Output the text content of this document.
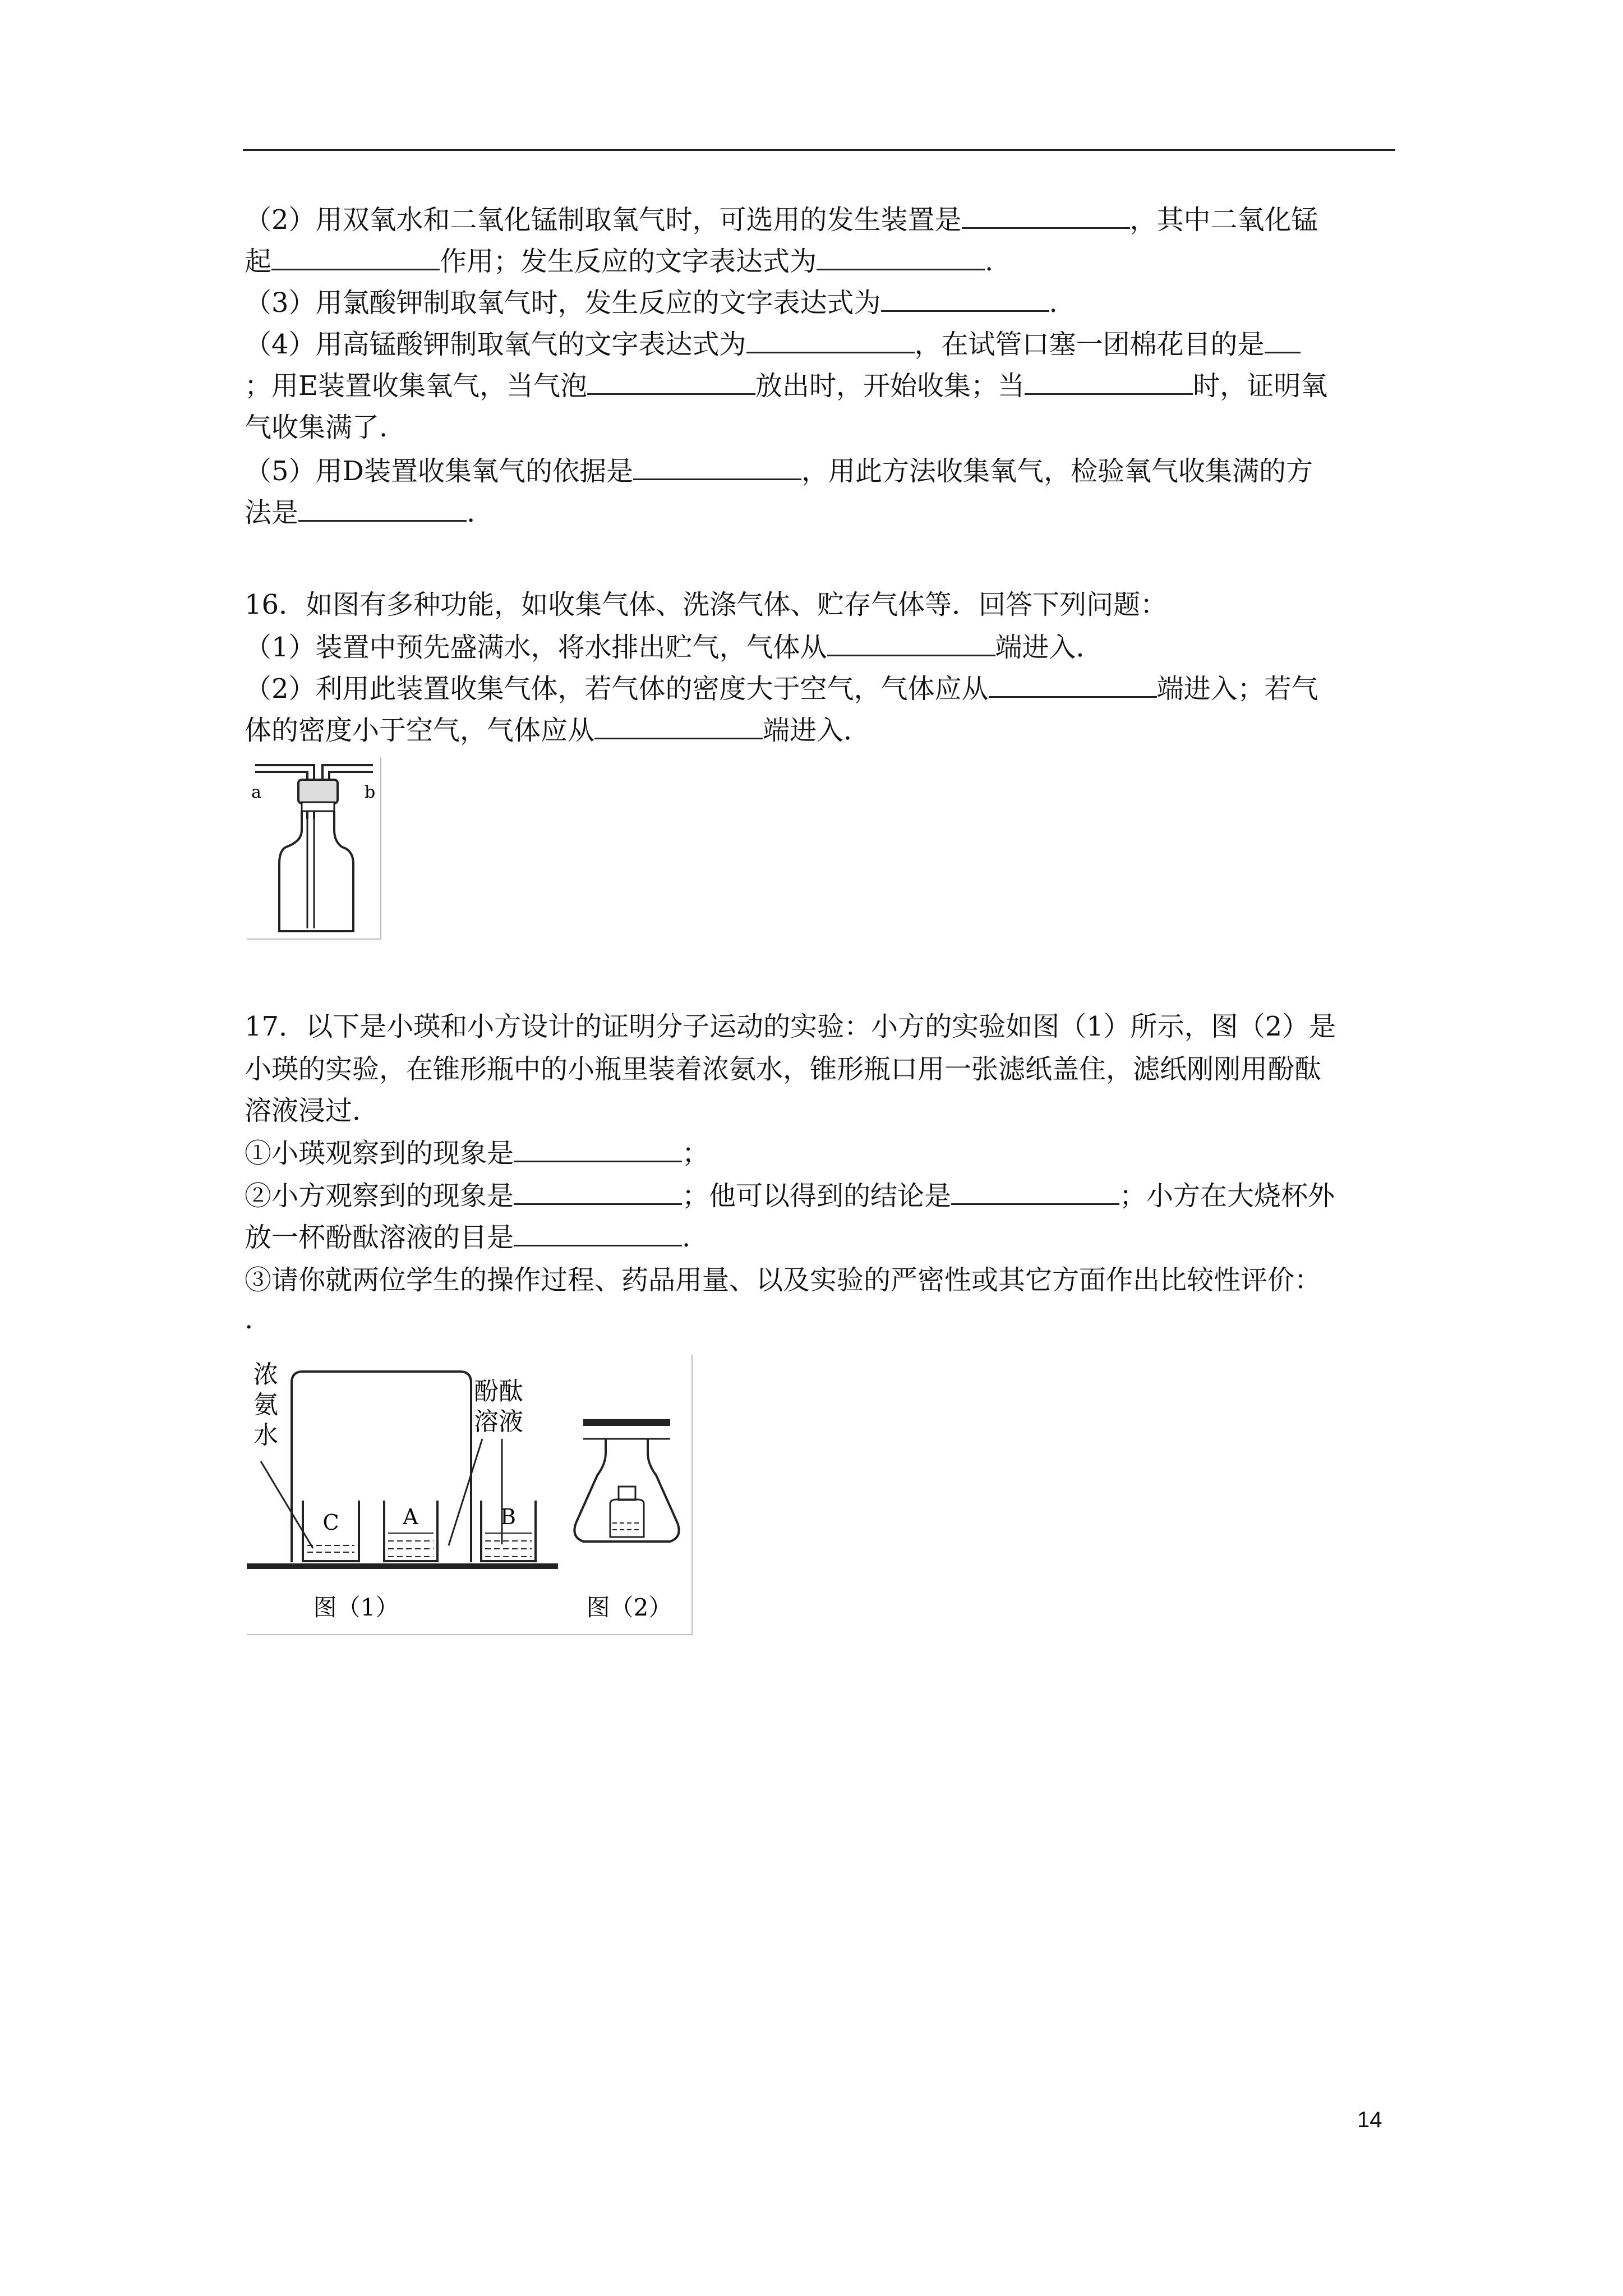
（2）用双氧水和二氧化锰制取氧气时，可选用的发生装置是	，其中二氧化锰
起	作用；发生反应的文字表达式为	.
（3）用氯酸钾制取氧气时，发生反应的文字表达式为	.
（4）用高锰酸钾制取氧气的文字表达式为	，在试管口塞一团棉花目的是
；用E装置收集氧气，当气泡	放出时，开始收集；当	时，证明氧
气收集满了.
（5）用D装置收集氧气的依据是	，用此方法收集氧气，检验氧气收集满的方
法是	.
16．如图有多种功能，如收集气体、洗涤气体、贮存气体等．回答下列问题：
（1）装置中预先盛满水，将水排出贮气，气体从	端进入．
（2）利用此装置收集气体，若气体的密度大于空气，气体应从	端进入；若气
体的密度小于空气，气体应从	端进入．
a	b
17．以下是小瑛和小方设计的证明分子运动的实验：小方的实验如图（1）所示，图（2）是
小瑛的实验，在锥形瓶中的小瓶里装着浓氨水，锥形瓶口用一张滤纸盖住，滤纸刚刚用酚酞
溶液浸过．
①小瑛观察到的现象是	；
②小方观察到的现象是	；他可以得到的结论是	；小方在大烧杯外
放一杯酚酞溶液的目是	.
③请你就两位学生的操作过程、药品用量、以及实验的严密性或其它方面作出比较性评价：
.
C	A	B
浓
氨
水
酚酞
溶液
图（1）	图（2）
14
